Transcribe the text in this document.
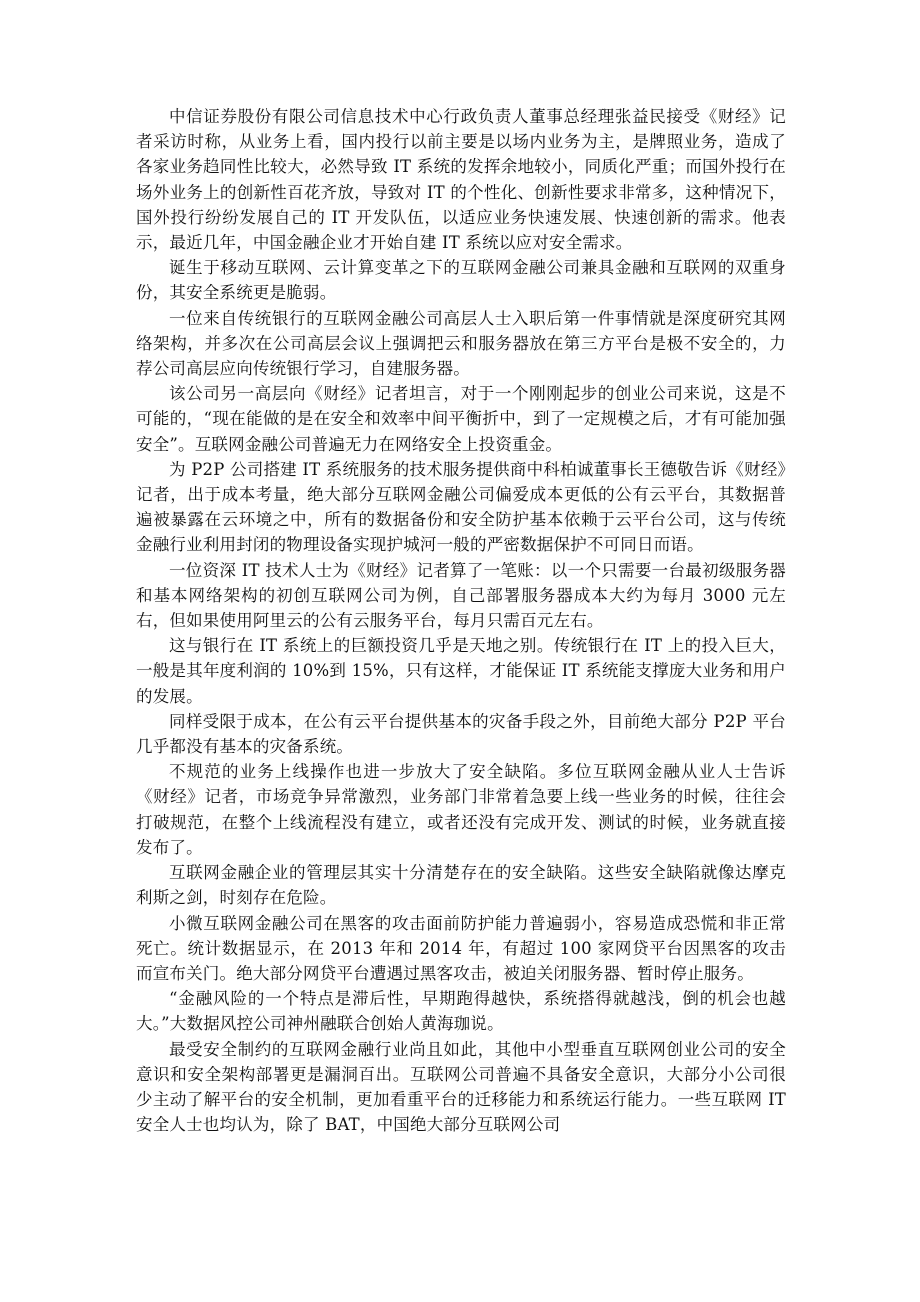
中信证券股份有限公司信息技术中心行政负责人董事总经理张益民接受《财经》记者采访时称，从业务上看，国内投行以前主要是以场内业务为主，是牌照业务，造成了各家业务趋同性比较大，必然导致 IT 系统的发挥余地较小，同质化严重；而国外投行在场外业务上的创新性百花齐放，导致对 IT 的个性化、创新性要求非常多，这种情况下，国外投行纷纷发展自己的 IT 开发队伍，以适应业务快速发展、快速创新的需求。他表示，最近几年，中国金融企业才开始自建 IT 系统以应对安全需求。

诞生于移动互联网、云计算变革之下的互联网金融公司兼具金融和互联网的双重身份，其安全系统更是脆弱。

一位来自传统银行的互联网金融公司高层人士入职后第一件事情就是深度研究其网络架构，并多次在公司高层会议上强调把云和服务器放在第三方平台是极不安全的，力荐公司高层应向传统银行学习，自建服务器。

该公司另一高层向《财经》记者坦言，对于一个刚刚起步的创业公司来说，这是不可能的，“现在能做的是在安全和效率中间平衡折中，到了一定规模之后，才有可能加强安全”。互联网金融公司普遍无力在网络安全上投资重金。

为 P2P 公司搭建 IT 系统服务的技术服务提供商中科柏诚董事长王德敬告诉《财经》记者，出于成本考量，绝大部分互联网金融公司偏爱成本更低的公有云平台，其数据普遍被暴露在云环境之中，所有的数据备份和安全防护基本依赖于云平台公司，这与传统金融行业利用封闭的物理设备实现护城河一般的严密数据保护不可同日而语。

一位资深 IT 技术人士为《财经》记者算了一笔账：以一个只需要一台最初级服务器和基本网络架构的初创互联网公司为例，自己部署服务器成本大约为每月 3000 元左右，但如果使用阿里云的公有云服务平台，每月只需百元左右。

这与银行在 IT 系统上的巨额投资几乎是天地之别。传统银行在 IT 上的投入巨大，一般是其年度利润的 10%到 15%，只有这样，才能保证 IT 系统能支撑庞大业务和用户的发展。

同样受限于成本，在公有云平台提供基本的灾备手段之外，目前绝大部分 P2P 平台几乎都没有基本的灾备系统。

不规范的业务上线操作也进一步放大了安全缺陷。多位互联网金融从业人士告诉《财经》记者，市场竞争异常激烈，业务部门非常着急要上线一些业务的时候，往往会打破规范，在整个上线流程没有建立，或者还没有完成开发、测试的时候，业务就直接发布了。

互联网金融企业的管理层其实十分清楚存在的安全缺陷。这些安全缺陷就像达摩克利斯之剑，时刻存在危险。

小微互联网金融公司在黑客的攻击面前防护能力普遍弱小，容易造成恐慌和非正常死亡。统计数据显示，在 2013 年和 2014 年，有超过 100 家网贷平台因黑客的攻击而宣布关门。绝大部分网贷平台遭遇过黑客攻击，被迫关闭服务器、暂时停止服务。

“金融风险的一个特点是滞后性，早期跑得越快，系统搭得就越浅，倒的机会也越大。”大数据风控公司神州融联合创始人黄海珈说。

最受安全制约的互联网金融行业尚且如此，其他中小型垂直互联网创业公司的安全意识和安全架构部署更是漏洞百出。互联网公司普遍不具备安全意识，大部分小公司很少主动了解平台的安全机制，更加看重平台的迁移能力和系统运行能力。一些互联网 IT 安全人士也均认为，除了 BAT，中国绝大部分互联网公司
